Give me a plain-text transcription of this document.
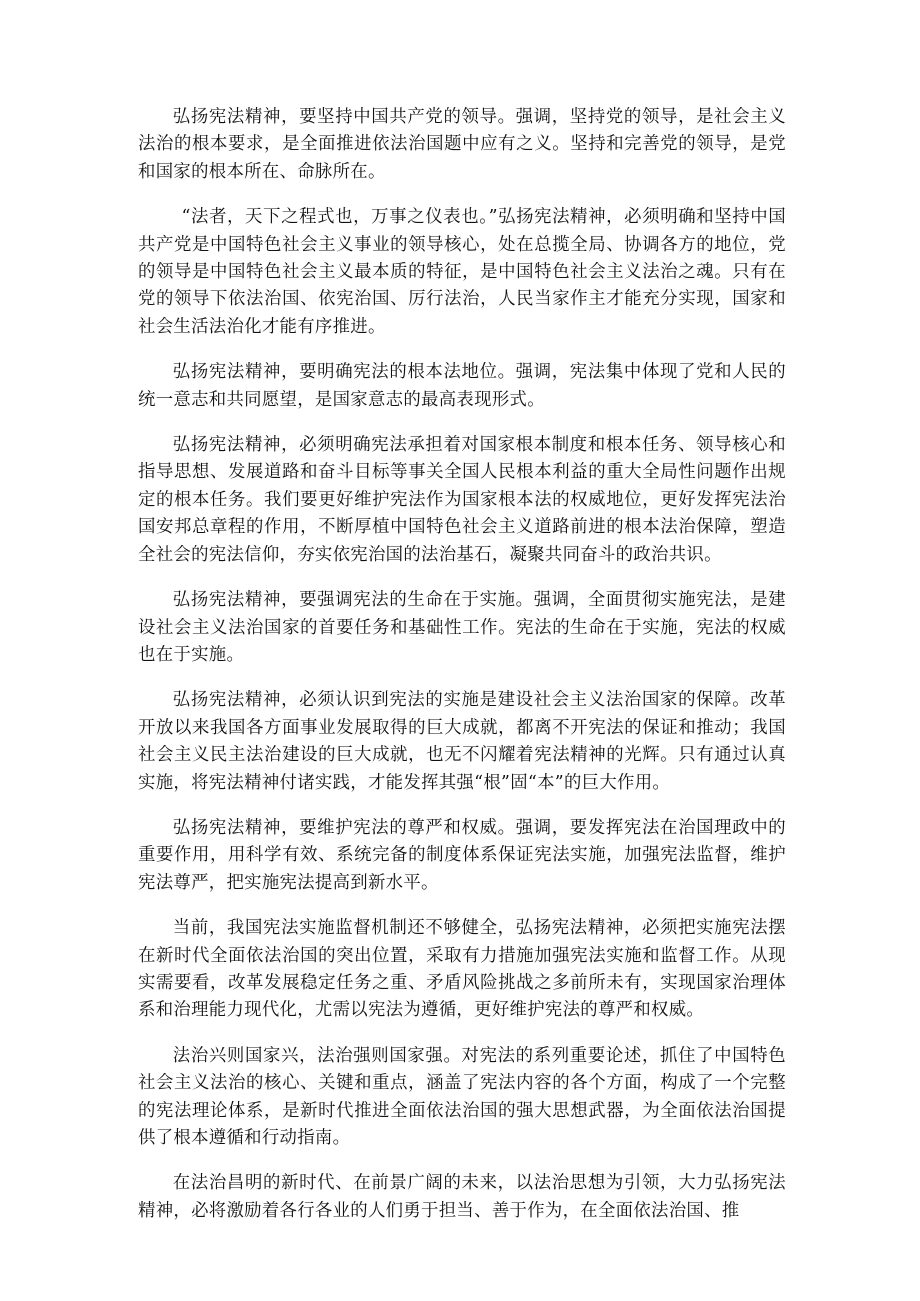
弘扬宪法精神，要坚持中国共产党的领导。强调，坚持党的领导，是社会主义法治的根本要求，是全面推进依法治国题中应有之义。坚持和完善党的领导，是党和国家的根本所在、命脉所在。

“法者，天下之程式也，万事之仪表也。”弘扬宪法精神，必须明确和坚持中国共产党是中国特色社会主义事业的领导核心，处在总揽全局、协调各方的地位，党的领导是中国特色社会主义最本质的特征，是中国特色社会主义法治之魂。只有在党的领导下依法治国、依宪治国、厉行法治，人民当家作主才能充分实现，国家和社会生活法治化才能有序推进。

弘扬宪法精神，要明确宪法的根本法地位。强调，宪法集中体现了党和人民的统一意志和共同愿望，是国家意志的最高表现形式。

弘扬宪法精神，必须明确宪法承担着对国家根本制度和根本任务、领导核心和指导思想、发展道路和奋斗目标等事关全国人民根本利益的重大全局性问题作出规定的根本任务。我们要更好维护宪法作为国家根本法的权威地位，更好发挥宪法治国安邦总章程的作用，不断厚植中国特色社会主义道路前进的根本法治保障，塑造全社会的宪法信仰，夯实依宪治国的法治基石，凝聚共同奋斗的政治共识。

弘扬宪法精神，要强调宪法的生命在于实施。强调，全面贯彻实施宪法，是建设社会主义法治国家的首要任务和基础性工作。宪法的生命在于实施，宪法的权威也在于实施。

弘扬宪法精神，必须认识到宪法的实施是建设社会主义法治国家的保障。改革开放以来我国各方面事业发展取得的巨大成就，都离不开宪法的保证和推动；我国社会主义民主法治建设的巨大成就，也无不闪耀着宪法精神的光辉。只有通过认真实施，将宪法精神付诸实践，才能发挥其强“根”固“本”的巨大作用。

弘扬宪法精神，要维护宪法的尊严和权威。强调，要发挥宪法在治国理政中的重要作用，用科学有效、系统完备的制度体系保证宪法实施，加强宪法监督，维护宪法尊严，把实施宪法提高到新水平。

当前，我国宪法实施监督机制还不够健全，弘扬宪法精神，必须把实施宪法摆在新时代全面依法治国的突出位置，采取有力措施加强宪法实施和监督工作。从现实需要看，改革发展稳定任务之重、矛盾风险挑战之多前所未有，实现国家治理体系和治理能力现代化，尤需以宪法为遵循，更好维护宪法的尊严和权威。

法治兴则国家兴，法治强则国家强。对宪法的系列重要论述，抓住了中国特色社会主义法治的核心、关键和重点，涵盖了宪法内容的各个方面，构成了一个完整的宪法理论体系，是新时代推进全面依法治国的强大思想武器，为全面依法治国提供了根本遵循和行动指南。

在法治昌明的新时代、在前景广阔的未来，以法治思想为引领，大力弘扬宪法精神，必将激励着各行各业的人们勇于担当、善于作为，在全面依法治国、推
